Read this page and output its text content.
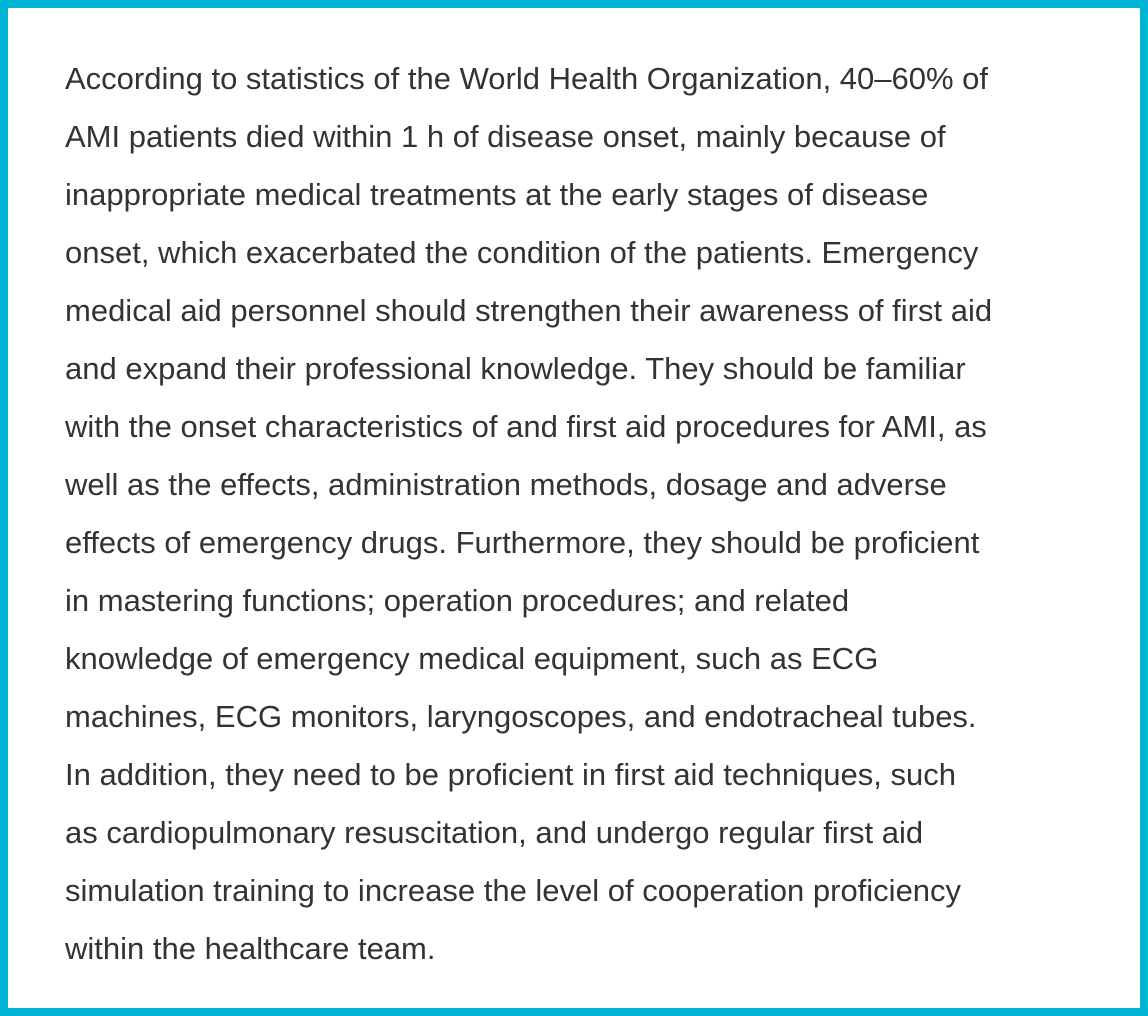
According to statistics of the World Health Organization, 40–60% of
AMI patients died within 1 h of disease onset, mainly because of
inappropriate medical treatments at the early stages of disease
onset, which exacerbated the condition of the patients. Emergency
medical aid personnel should strengthen their awareness of first aid
and expand their professional knowledge. They should be familiar
with the onset characteristics of and first aid procedures for AMI, as
well as the effects, administration methods, dosage and adverse
effects of emergency drugs. Furthermore, they should be proficient
in mastering functions; operation procedures; and related
knowledge of emergency medical equipment, such as ECG
machines, ECG monitors, laryngoscopes, and endotracheal tubes.
In addition, they need to be proficient in first aid techniques, such
as cardiopulmonary resuscitation, and undergo regular first aid
simulation training to increase the level of cooperation proficiency
within the healthcare team.
